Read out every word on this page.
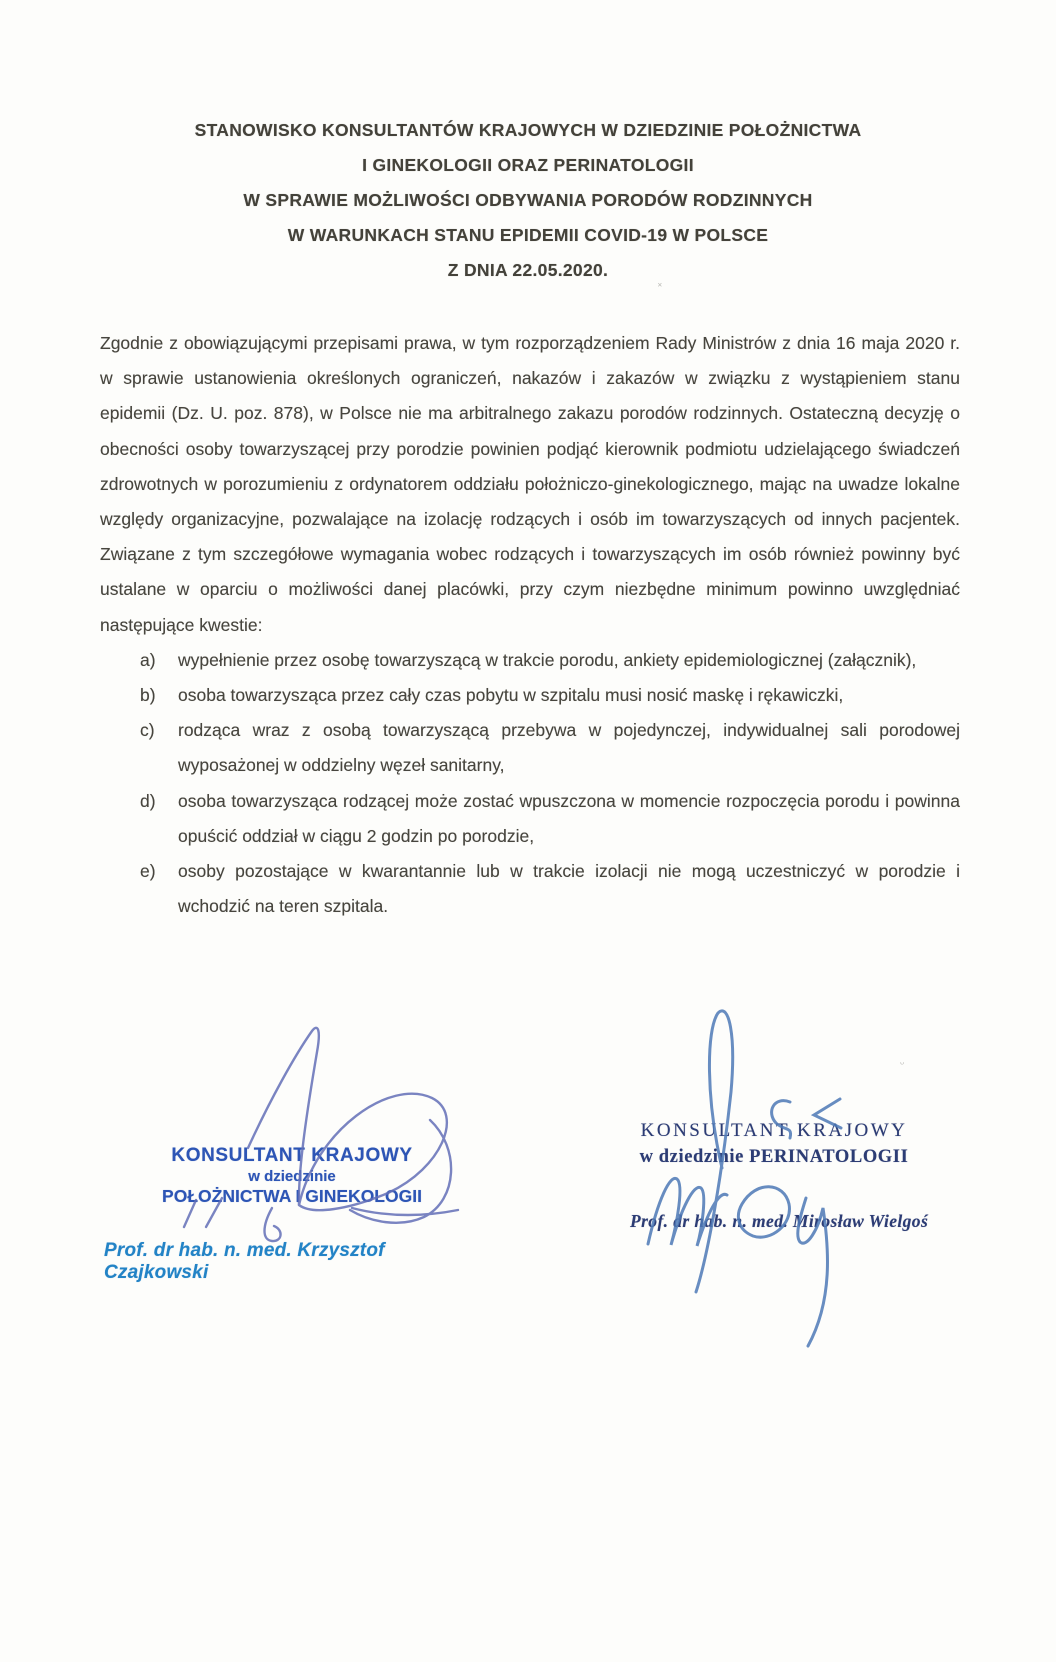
STANOWISKO KONSULTANTÓW KRAJOWYCH W DZIEDZINIE POŁOŻNICTWA
I GINEKOLOGII ORAZ PERINATOLOGII
W SPRAWIE MOŻLIWOŚCI ODBYWANIA PORODÓW RODZINNYCH
W WARUNKACH STANU EPIDEMII COVID-19 W POLSCE
Z DNIA 22.05.2020.

Zgodnie z obowiązującymi przepisami prawa, w tym rozporządzeniem Rady Ministrów z dnia 16 maja 2020 r. w sprawie ustanowienia określonych ograniczeń, nakazów i zakazów w związku z wystąpieniem stanu epidemii (Dz. U. poz. 878), w Polsce nie ma arbitralnego zakazu porodów rodzinnych. Ostateczną decyzję o obecności osoby towarzyszącej przy porodzie powinien podjąć kierownik podmiotu udzielającego świadczeń zdrowotnych w porozumieniu z ordynatorem oddziału położniczo-ginekologicznego, mając na uwadze lokalne względy organizacyjne, pozwalające na izolację rodzących i osób im towarzyszących od innych pacjentek. Związane z tym szczegółowe wymagania wobec rodzących i towarzyszących im osób również powinny być ustalane w oparciu o możliwości danej placówki, przy czym niezbędne minimum powinno uwzględniać następujące kwestie:

a)	wypełnienie przez osobę towarzyszącą w trakcie porodu, ankiety epidemiologicznej (załącznik),
b)	osoba towarzysząca przez cały czas pobytu w szpitalu musi nosić maskę i rękawiczki,
c)	rodząca wraz z osobą towarzyszącą przebywa w pojedynczej, indywidualnej sali porodowej wyposażonej w oddzielny węzeł sanitarny,
d)	osoba towarzysząca rodzącej może zostać wpuszczona w momencie rozpoczęcia porodu i powinna opuścić oddział w ciągu 2 godzin po porodzie,
e)	osoby pozostające w kwarantannie lub w trakcie izolacji nie mogą uczestniczyć w porodzie i wchodzić na teren szpitala.
KONSULTANT KRAJOWY
w dziedzinie
POŁOŻNICTWA I GINEKOLOGII
Prof. dr hab. n. med. Krzysztof Czajkowski
KONSULTANT KRAJOWY
w dziedzinie PERINATOLOGII
Prof. dr hab. n. med. Mirosław Wielgoś
˟
ᵕ
